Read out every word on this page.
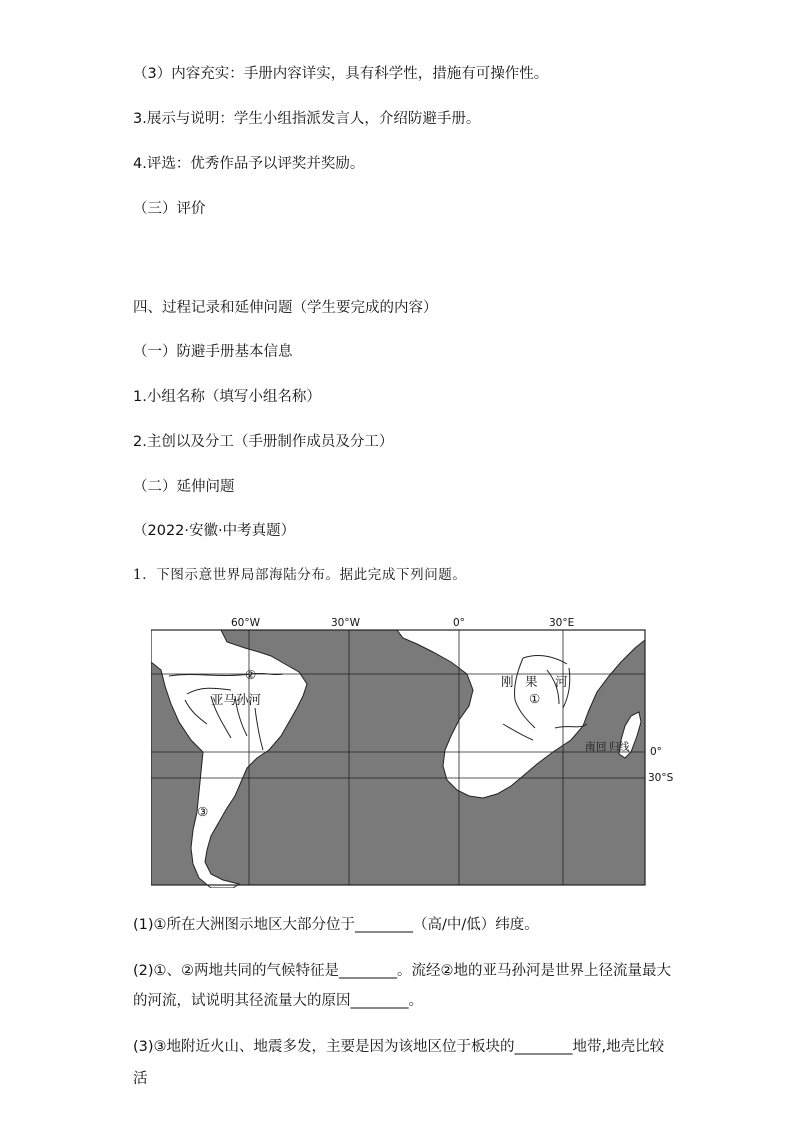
（3）内容充实：手册内容详实，具有科学性，措施有可操作性。
3.展示与说明：学生小组指派发言人，介绍防避手册。
4.评选：优秀作品予以评奖并奖励。
（三）评价
四、过程记录和延伸问题（学生要完成的内容）
（一）防避手册基本信息
1.小组名称（填写小组名称）
2.主创以及分工（手册制作成员及分工）
（二）延伸问题
（2022·安徽·中考真题）
1．下图示意世界局部海陆分布。据此完成下列问题。
60°W	30°W	0°	30°E
0°
30°S
亚马孙河
②
③
①
刚 果 河
南 回 归 线
(1)①所在大洲图示地区大部分位于________（高/中/低）纬度。
(2)①、②两地共同的气候特征是________。流经②地的亚马孙河是世界上径流量最大
的河流，试说明其径流量大的原因________。
(3)③地附近火山、地震多发，主要是因为该地区位于板块的________地带,地壳比较活
